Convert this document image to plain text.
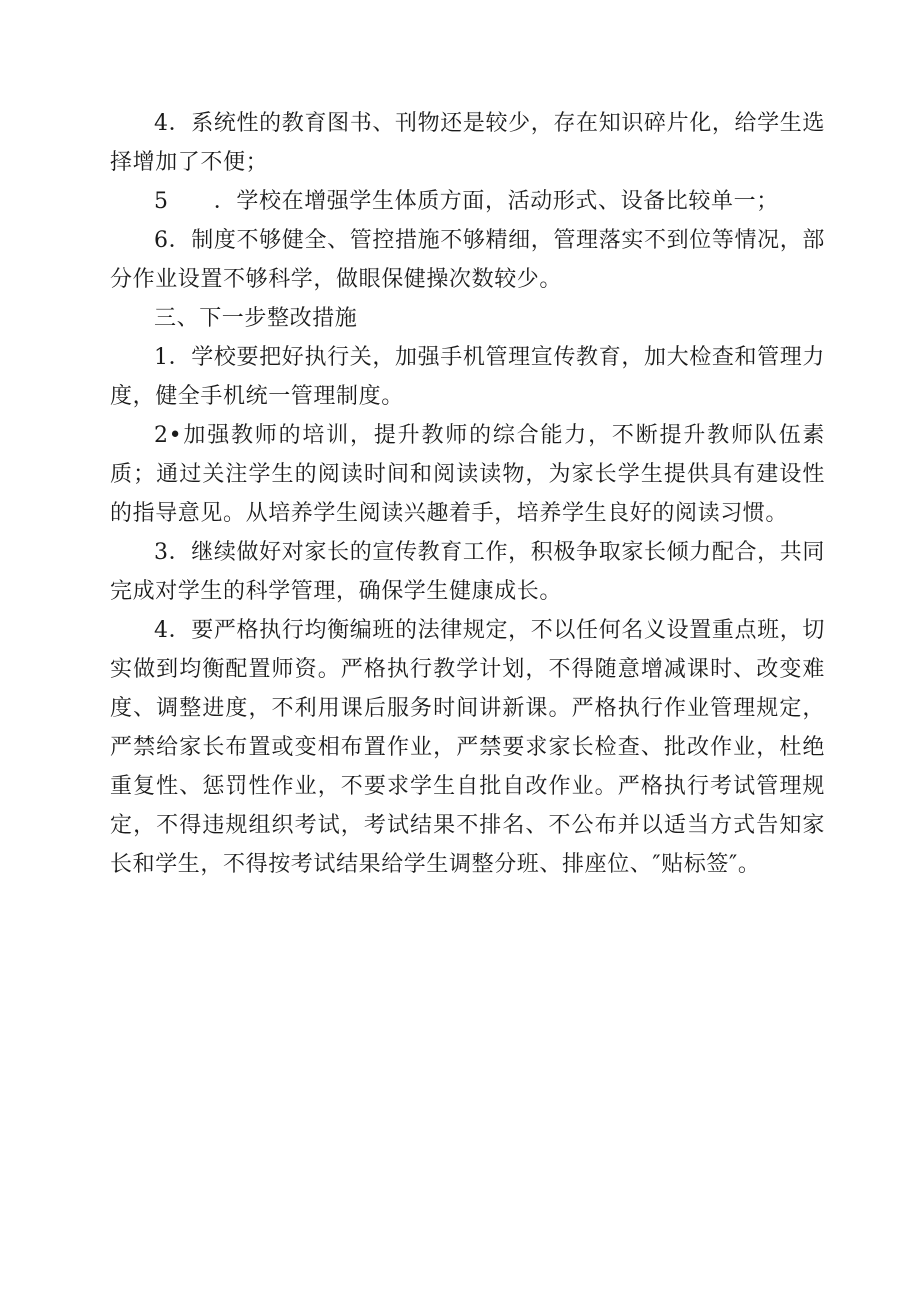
4．系统性的教育图书、刊物还是较少，存在知识碎片化，给学生选择增加了不便；

5　　．学校在增强学生体质方面，活动形式、设备比较单一；

6．制度不够健全、管控措施不够精细，管理落实不到位等情况，部分作业设置不够科学，做眼保健操次数较少。

三、下一步整改措施

1．学校要把好执行关，加强手机管理宣传教育，加大检查和管理力度，健全手机统一管理制度。

2•加强教师的培训，提升教师的综合能力，不断提升教师队伍素质；通过关注学生的阅读时间和阅读读物，为家长学生提供具有建设性的指导意见。从培养学生阅读兴趣着手，培养学生良好的阅读习惯。

3．继续做好对家长的宣传教育工作，积极争取家长倾力配合，共同完成对学生的科学管理，确保学生健康成长。

4．要严格执行均衡编班的法律规定，不以任何名义设置重点班，切实做到均衡配置师资。严格执行教学计划，不得随意增减课时、改变难度、调整进度，不利用课后服务时间讲新课。严格执行作业管理规定，严禁给家长布置或变相布置作业，严禁要求家长检查、批改作业，杜绝重复性、惩罚性作业，不要求学生自批自改作业。严格执行考试管理规定，不得违规组织考试，考试结果不排名、不公布并以适当方式告知家长和学生，不得按考试结果给学生调整分班、排座位、″贴标签″。
